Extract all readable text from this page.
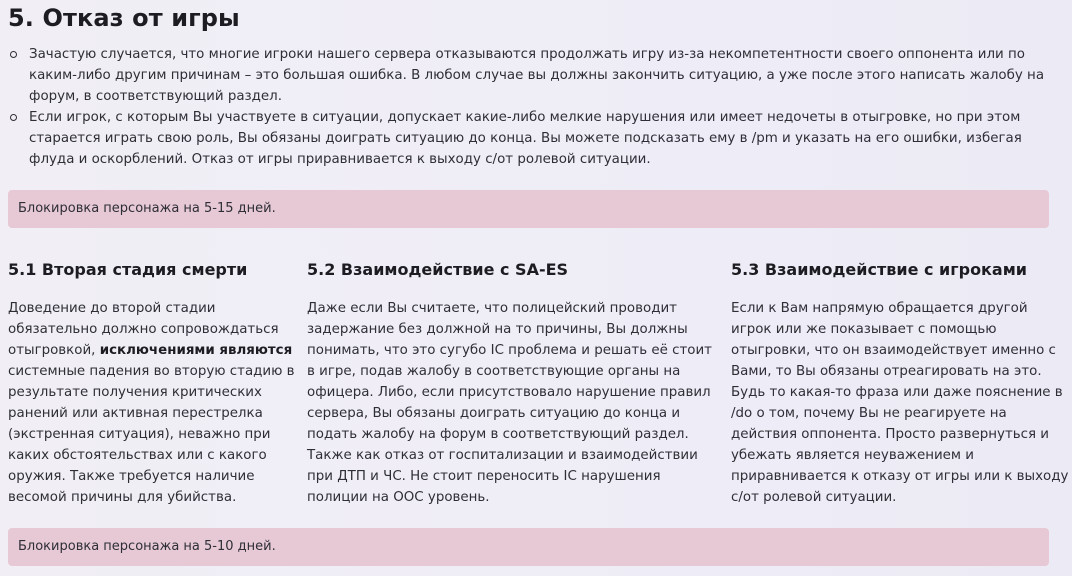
5. Отказ от игры
Зачастую случается, что многие игроки нашего сервера отказываются продолжать игру из-за некомпетентности своего оппонента или по каким-либо другим причинам – это большая ошибка. В любом случае вы должны закончить ситуацию, а уже после этого написать жалобу на форум, в соответствующий раздел.
Если игрок, с которым Вы участвуете в ситуации, допускает какие-либо мелкие нарушения или имеет недочеты в отыгровке, но при этом старается играть свою роль, Вы обязаны доиграть ситуацию до конца. Вы можете подсказать ему в /pm и указать на его ошибки, избегая флуда и оскорблений. Отказ от игры приравнивается к выходу с/от ролевой ситуации.
Блокировка персонажа на 5-15 дней.
5.1 Вторая стадия смерти

Доведение до второй стадии обязательно должно сопровождаться отыгровкой, исключениями являются системные падения во вторую стадию в результате получения критических ранений или активная перестрелка (экстренная ситуация), неважно при каких обстоятельствах или с какого оружия. Также требуется наличие весомой причины для убийства.

5.2 Взаимодействие с SA-ES

Даже если Вы считаете, что полицейский проводит задержание без должной на то причины, Вы должны понимать, что это сугубо IC проблема и решать её стоит в игре, подав жалобу в соответствующие органы на офицера. Либо, если присутствовало нарушение правил сервера, Вы обязаны доиграть ситуацию до конца и подать жалобу на форум в соответствующий раздел. Также как отказ от госпитализации и взаимодействии при ДТП и ЧС. Не стоит переносить IC нарушения полиции на OOC уровень.

5.3 Взаимодействие с игроками

Если к Вам напрямую обращается другой игрок или же показывает с помощью отыгровки, что он взаимодействует именно с Вами, то Вы обязаны отреагировать на это. Будь то какая-то фраза или даже пояснение в /do о том, почему Вы не реагируете на действия оппонента. Просто развернуться и убежать является неуважением и приравнивается к отказу от игры или к выходу с/от ролевой ситуации.

Блокировка персонажа на 5-10 дней.
